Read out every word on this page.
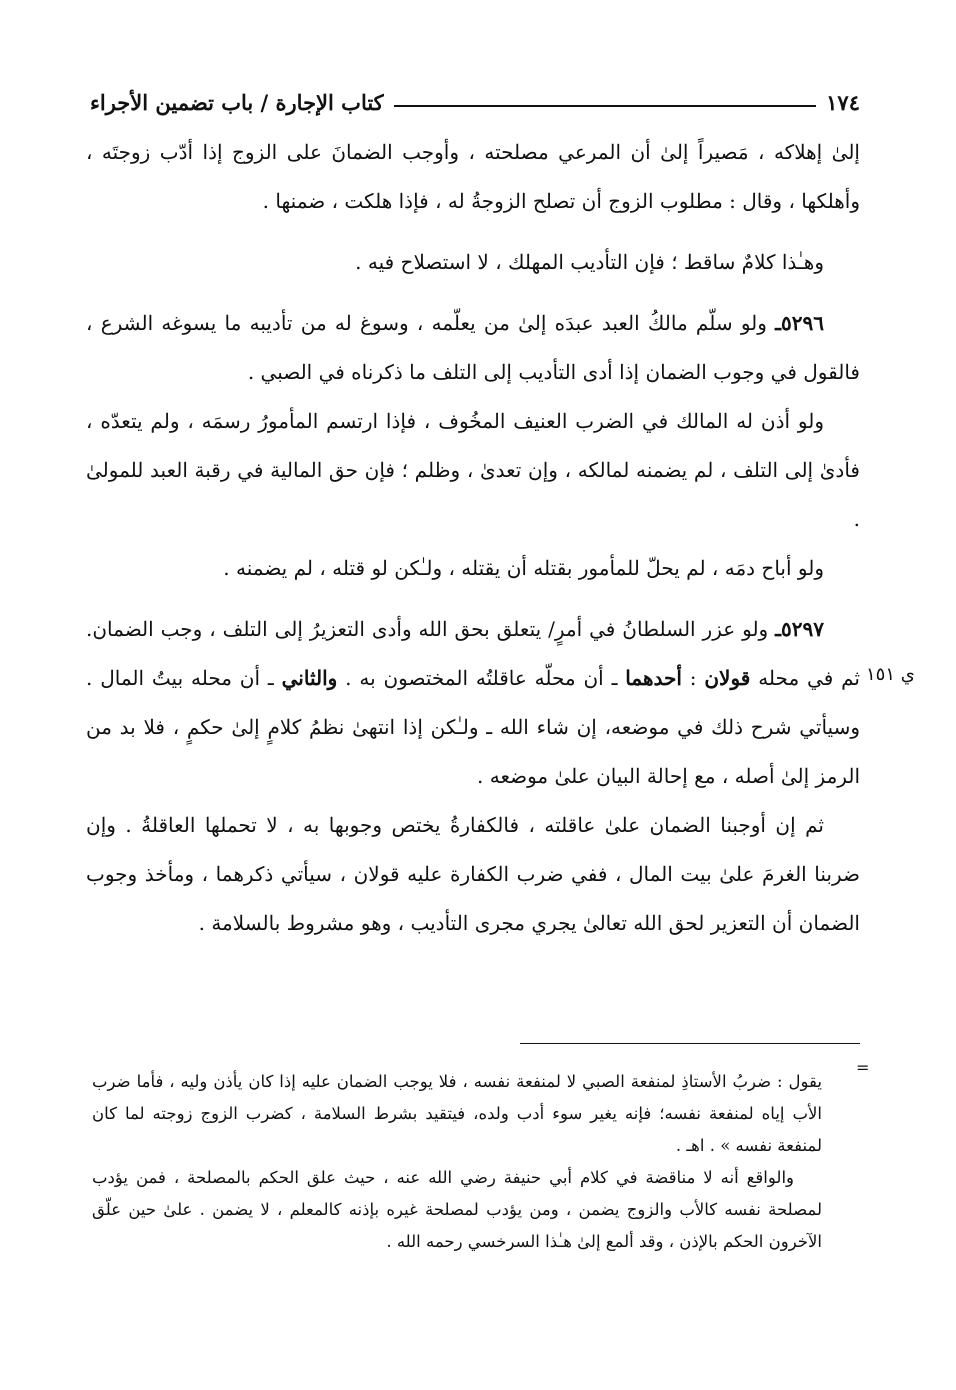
١٧٤
كتاب الإجارة / باب تضمين الأجراء

إلىٰ إهلاكه ، مَصيراً إلىٰ أن المرعي مصلحته ، وأوجب الضمانَ على الزوج إذا أدّب زوجتَه ، وأهلكها ، وقال : مطلوب الزوج أن تصلح الزوجةُ له ، فإذا هلكت ، ضمنها .

وهـٰذا كلامٌ ساقط ؛ فإن التأديب المهلك ، لا استصلاح فيه .

٥٢٩٦ـ ولو سلّم مالكُ العبد عبدَه إلىٰ من يعلّمه ، وسوغ له من تأديبه ما يسوغه الشرع ، فالقول في وجوب الضمان إذا أدى التأديب إلى التلف ما ذكرناه في الصبي .

ولو أذن له المالك في الضرب العنيف المخُوف ، فإذا ارتسم المأمورُ رسمَه ، ولم يتعدّه ، فأدىٰ إلى التلف ، لم يضمنه لمالكه ، وإن تعدىٰ ، وظلم ؛ فإن حق المالية في رقبة العبد للمولىٰ .

ولو أباح دمَه ، لم يحلّ للمأمور بقتله أن يقتله ، ولـٰكن لو قتله ، لم يضمنه .

٥٢٩٧ـ ولو عزر السلطانُ في أمرٍ/ يتعلق بحق الله وأدى التعزيرُ إلى التلف ، وجب الضمان. ثم في محله قولان : أحدهما ـ أن محلّه عاقلتُه المختصون به . والثاني ـ أن محله بيتُ المال . وسيأتي شرح ذلك في موضعه، إن شاء الله ـ ولـٰكن إذا انتهىٰ نظمُ كلامٍ إلىٰ حكمٍ ، فلا بد من الرمز إلىٰ أصله ، مع إحالة البيان علىٰ موضعه .

ثم إن أوجبنا الضمان علىٰ عاقلته ، فالكفارةُ يختص وجوبها به ، لا تحملها العاقلةُ . وإن ضربنا الغرمَ علىٰ بيت المال ، ففي ضرب الكفارة عليه قولان ، سيأتي ذكرهما ، ومأخذ وجوب الضمان أن التعزير لحق الله تعالىٰ يجري مجرى التأديب ، وهو مشروط بالسلامة .

ي ١٥١
=

يقول : ضربُ الأستاذِ لمنفعة الصبي لا لمنفعة نفسه ، فلا يوجب الضمان عليه إذا كان يأذن وليه ، فأما ضرب الأب إياه لمنفعة نفسه؛ فإنه يغير سوء أدب ولده، فيتقيد بشرط السلامة ، كضرب الزوج زوجته لما كان لمنفعة نفسه » . اهـ .

والواقع أنه لا مناقضة في كلام أبي حنيفة رضي الله عنه ، حيث علق الحكم بالمصلحة ، فمن يؤدب لمصلحة نفسه كالأب والزوج يضمن ، ومن يؤدب لمصلحة غيره بإذنه كالمعلم ، لا يضمن . علىٰ حين علّق الآخرون الحكم بالإذن ، وقد ألمع إلىٰ هـٰذا السرخسي رحمه الله .
